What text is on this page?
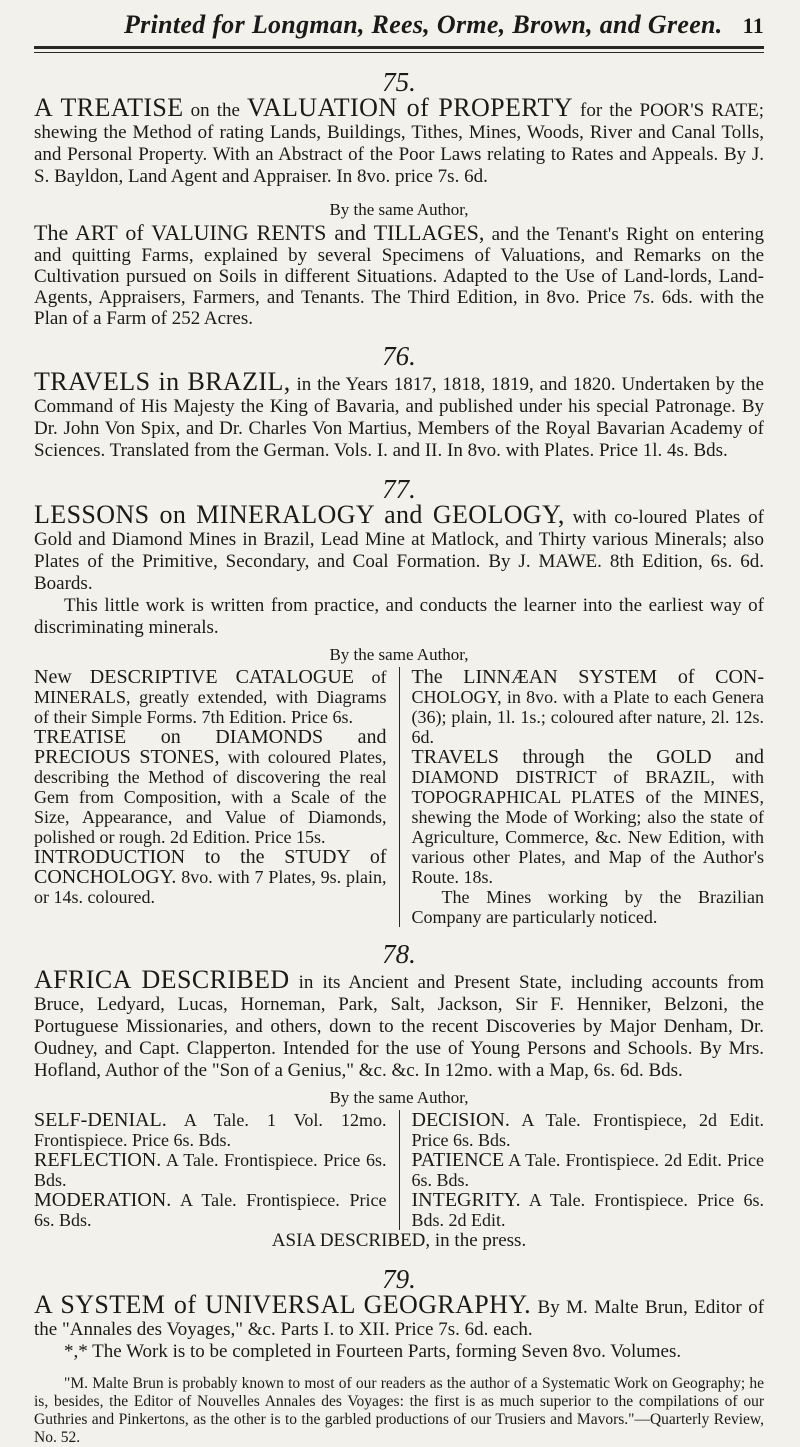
Printed for Longman, Rees, Orme, Brown, and Green. 11
75.

A TREATISE on the VALUATION of PROPERTY for the POOR'S RATE; shewing the Method of rating Lands, Buildings, Tithes, Mines, Woods, River and Canal Tolls, and Personal Property. With an Abstract of the Poor Laws relating to Rates and Appeals. By J. S. Bayldon, Land Agent and Appraiser. In 8vo. price 7s. 6d.

By the same Author,

The ART of VALUING RENTS and TILLAGES, and the Tenant's Right on entering and quitting Farms, explained by several Specimens of Valuations, and Remarks on the Cultivation pursued on Soils in different Situations. Adapted to the Use of Land-lords, Land-Agents, Appraisers, Farmers, and Tenants. The Third Edition, in 8vo. Price 7s. 6ds. with the Plan of a Farm of 252 Acres.

76.

TRAVELS in BRAZIL, in the Years 1817, 1818, 1819, and 1820. Undertaken by the Command of His Majesty the King of Bavaria, and published under his special Patronage. By Dr. John Von Spix, and Dr. Charles Von Martius, Members of the Royal Bavarian Academy of Sciences. Translated from the German. Vols. I. and II. In 8vo. with Plates. Price 1l. 4s. Bds.

77.

LESSONS on MINERALOGY and GEOLOGY, with co-loured Plates of Gold and Diamond Mines in Brazil, Lead Mine at Matlock, and Thirty various Minerals; also Plates of the Primitive, Secondary, and Coal Formation. By J. MAWE. 8th Edition, 6s. 6d. Boards.

This little work is written from practice, and conducts the learner into the earliest way of discriminating minerals.

By the same Author,

New DESCRIPTIVE CATALOGUE of MINERALS, greatly extended, with Diagrams of their Simple Forms. 7th Edition. Price 6s.

TREATISE on DIAMONDS and PRECIOUS STONES, with coloured Plates, describing the Method of discovering the real Gem from Composition, with a Scale of the Size, Appearance, and Value of Diamonds, polished or rough. 2d Edition. Price 15s.

INTRODUCTION to the STUDY of CONCHOLOGY. 8vo. with 7 Plates, 9s. plain, or 14s. coloured.

The LINNÆAN SYSTEM of CON- CHOLOGY, in 8vo. with a Plate to each Genera (36); plain, 1l. 1s.; coloured after nature, 2l. 12s. 6d.

TRAVELS through the GOLD and DIAMOND DISTRICT of BRAZIL, with TOPOGRAPHICAL PLATES of the MINES, shewing the Mode of Working; also the state of Agriculture, Commerce, &c. New Edition, with various other Plates, and Map of the Author's Route. 18s.

The Mines working by the Brazilian Company are particularly noticed.

78.

AFRICA DESCRIBED in its Ancient and Present State, including accounts from Bruce, Ledyard, Lucas, Horneman, Park, Salt, Jackson, Sir F. Henniker, Belzoni, the Portuguese Missionaries, and others, down to the recent Discoveries by Major Denham, Dr. Oudney, and Capt. Clapperton. Intended for the use of Young Persons and Schools. By Mrs. Hofland, Author of the "Son of a Genius," &c. &c. In 12mo. with a Map, 6s. 6d. Bds.

By the same Author,

SELF-DENIAL. A Tale. 1 Vol. 12mo. Frontispiece. Price 6s. Bds.

REFLECTION. A Tale. Frontispiece. Price 6s. Bds.

MODERATION. A Tale. Frontispiece. Price 6s. Bds.

DECISION. A Tale. Frontispiece, 2d Edit. Price 6s. Bds.

PATIENCE A Tale. Frontispiece. 2d Edit. Price 6s. Bds.

INTEGRITY. A Tale. Frontispiece. Price 6s. Bds. 2d Edit.

ASIA DESCRIBED, in the press.
79.

A SYSTEM of UNIVERSAL GEOGRAPHY. By M. Malte Brun, Editor of the "Annales des Voyages," &c. Parts I. to XII. Price 7s. 6d. each.

*,* The Work is to be completed in Fourteen Parts, forming Seven 8vo. Volumes.

"M. Malte Brun is probably known to most of our readers as the author of a Systematic Work on Geography; he is, besides, the Editor of Nouvelles Annales des Voyages: the first is as much superior to the compilations of our Guthries and Pinkertons, as the other is to the garbled productions of our Trusiers and Mavors."—Quarterly Review, No. 52.
